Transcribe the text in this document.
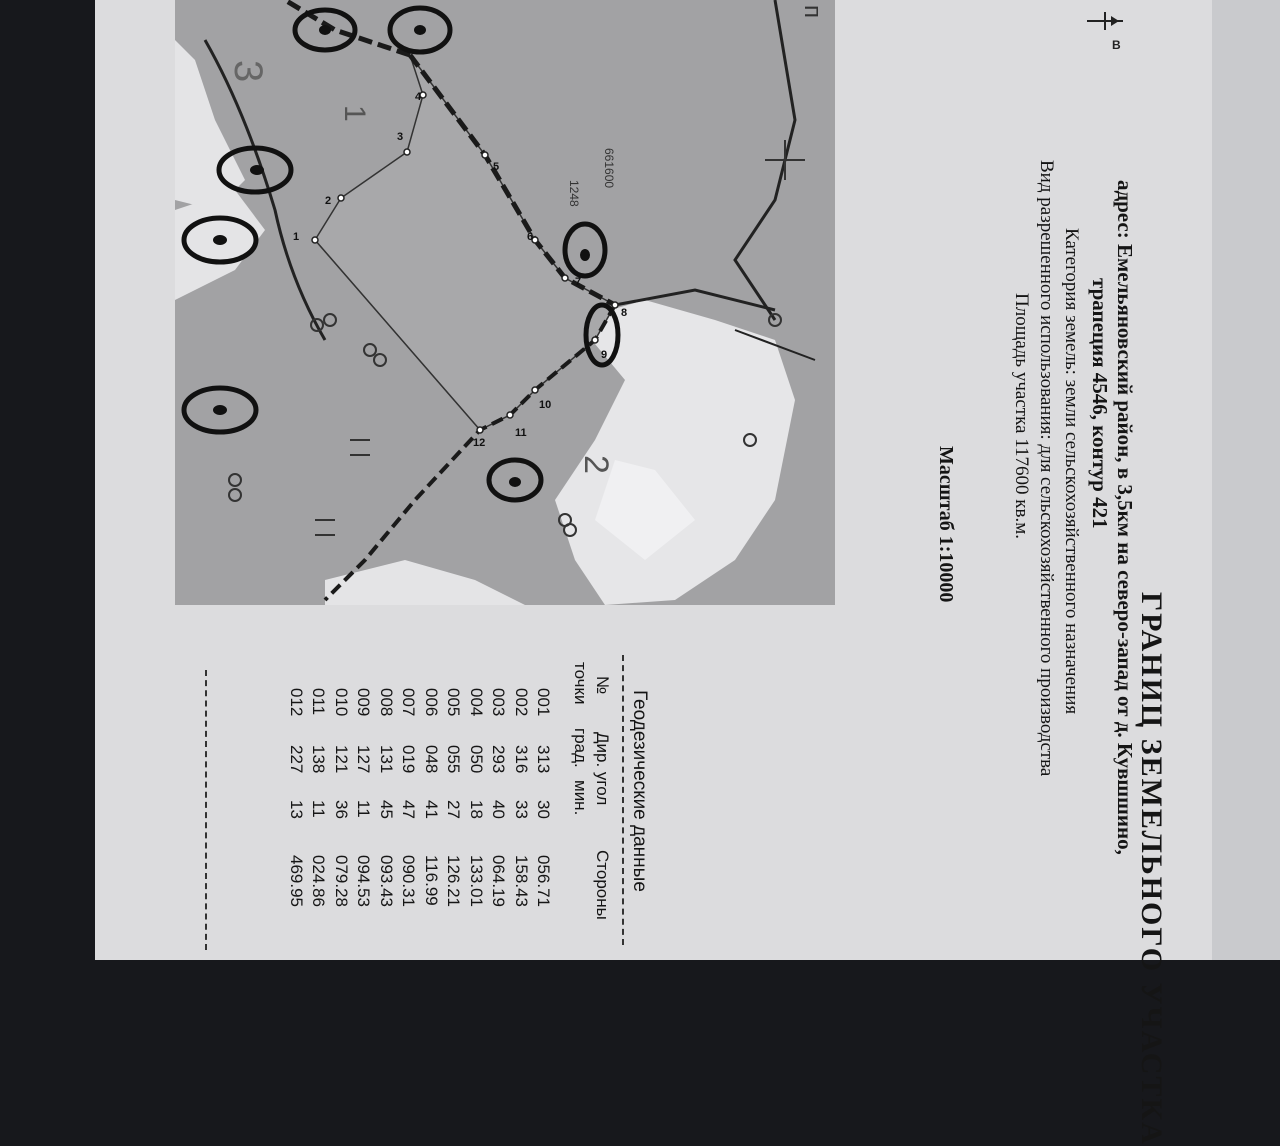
1
2
3
4
5
6
7
8
9
10
11
12
661600
1248
3
1
2
п
В
ГРАНИЦ ЗЕМЕЛЬНОГО УЧАСТКА
адрес: Емельяновский район, в 3,5км на северо-запад от д. Кувшшино,
трапеция 4546, контур 421
Категория земель: земли сельскохозяйственного назначения
Вид разрешенного использования: для сельскохозяйственного производства
Площадь участка 117600 кв.м.
Масштаб 1:10000
Геодезические данные
№
точки
Дир. угол
град.
мин.
Стороны
001
313
30
056.71
002
316
33
158.43
003
293
40
064.19
004
050
18
133.01
005
055
27
126.21
006
048
41
116.99
007
019
47
090.31
008
131
45
093.43
009
127
11
094.53
010
121
36
079.28
011
138
11
024.86
012
227
13
469.95
